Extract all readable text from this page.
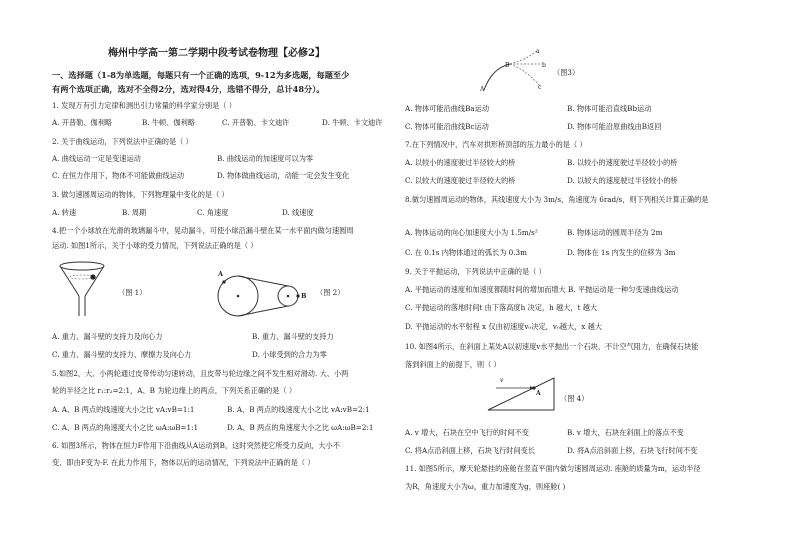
梅州中学高一第二学期中段考试卷物理【必修2】
一、选择题（1-8为单选题，每题只有一个正确的选项，9-12为多选题，每题至少
有两个选项正确，选对不全得2分，选对得4分，选错不得分，总计48分）。
1. 发现万有引力定律和测出引力常量的科学家分别是（ ）
A. 开普勒、伽利略	B. 牛顿、伽利略	C. 开普勒、卡文迪许	D. 牛顿、卡文迪许
2. 关于曲线运动，下列说法中正确的是（ ）
A. 曲线运动一定是变速运动	B. 曲线运动的加速度可以为零
C. 在恒力作用下，物体不可能做曲线运动	D. 物体做曲线运动，动能一定会发生变化
3. 做匀速圆周运动的物体，下列物理量中变化的是（ ）
A. 转速	B. 周期	C. 角速度	D. 线速度
4.把一个小球放在光滑的玻璃漏斗中，晃动漏斗，可使小球沿漏斗壁在某一水平面内做匀速圆周
运动. 如图1所示，关于小球的受力情况，下列说法正确的是（ ）
（图 1）
A
B （图 2）
A. 重力、漏斗壁的支持力及向心力	B. 重力、漏斗壁的支持力
C. 重力、漏斗壁的支持力、摩擦力及向心力	D. 小球受到的合力为零
5.如图2，大、小两轮通过皮带传动匀速转动，且皮带与轮边缘之间不发生相对滑动. 大、小两
轮的半径之比 r₁:r₂=2:1，A、B 为轮边缘上的两点，下列关系正确的是（ ）
A. A、B 两点的线速度大小之比 vA:vB=1:1	B. A、B 两点的线速度大小之比 vA:vB=2:1
C. A、B 两点的角速度大小之比 ωA:ωB=1:1	D. A、B 两点的角速度大小之比 ωA:ωB=2:1
6. 如图3所示，物体在恒力F作用下沿曲线从A运动到B，这时突然使它所受力反向，大小不
变，即由F变为-F. 在此力作用下，物体以后的运动情况，下列说法中正确的是（ ）
A
B
a
b
c
（图3）
A. 物体可能沿曲线Ba运动	B. 物体可能沿直线Bb运动
C. 物体可能沿曲线Bc运动	D. 物体可能沿原曲线由B返回
7.在下列情况中，汽车对拱形桥顶部的压力最小的是（ ）
A. 以较小的速度驶过半径较大的桥	B. 以较小的速度驶过半径较小的桥
C. 以较大的速度驶过半径较大的桥	D. 以较大的速度驶过半径较小的桥
8.做匀速圆周运动的物体，其线速度大小为 3m/s，角速度为 6rad/s，则下列相关计算正确的是
A. 物体运动的向心加速度大小为 1.5m/s²	B. 物体运动的圆周半径为 2m
C. 在 0.1s 内物体通过的弧长为 0.3m	D. 物体在 1s 内发生的位移为 3m
9. 关于平抛运动，下列说法中正确的是（ ）
A. 平抛运动的速度和加速度都随时间的增加而增大 B. 平抛运动是一种匀变速曲线运动
C. 平抛运动的落地时间t 由下落高度h 决定，h 越大，t 越大
D. 平抛运动的水平射程 x 仅由初速度v₀决定，v₀越大，x 越大
10. 如图4所示，在斜面上某处A以初速度v水平抛出一个石块，不计空气阻力，在确保石块能
落到斜面上的前提下，则（ ）
v
A
（图 4）
A. v 增大，石块在空中飞行的时间不变	B. v 增大，石块在斜面上的落点不变
C. 将A点沿斜面上移，石块飞行时间变长	D. 将A点沿斜面上移，石块飞行时间不变
11. 如图5所示，摩天轮悬挂的座舱在竖直平面内做匀速圆周运动. 座舱的质量为m，运动半径
为R，角速度大小为ω，重力加速度为g，则座舱( )
